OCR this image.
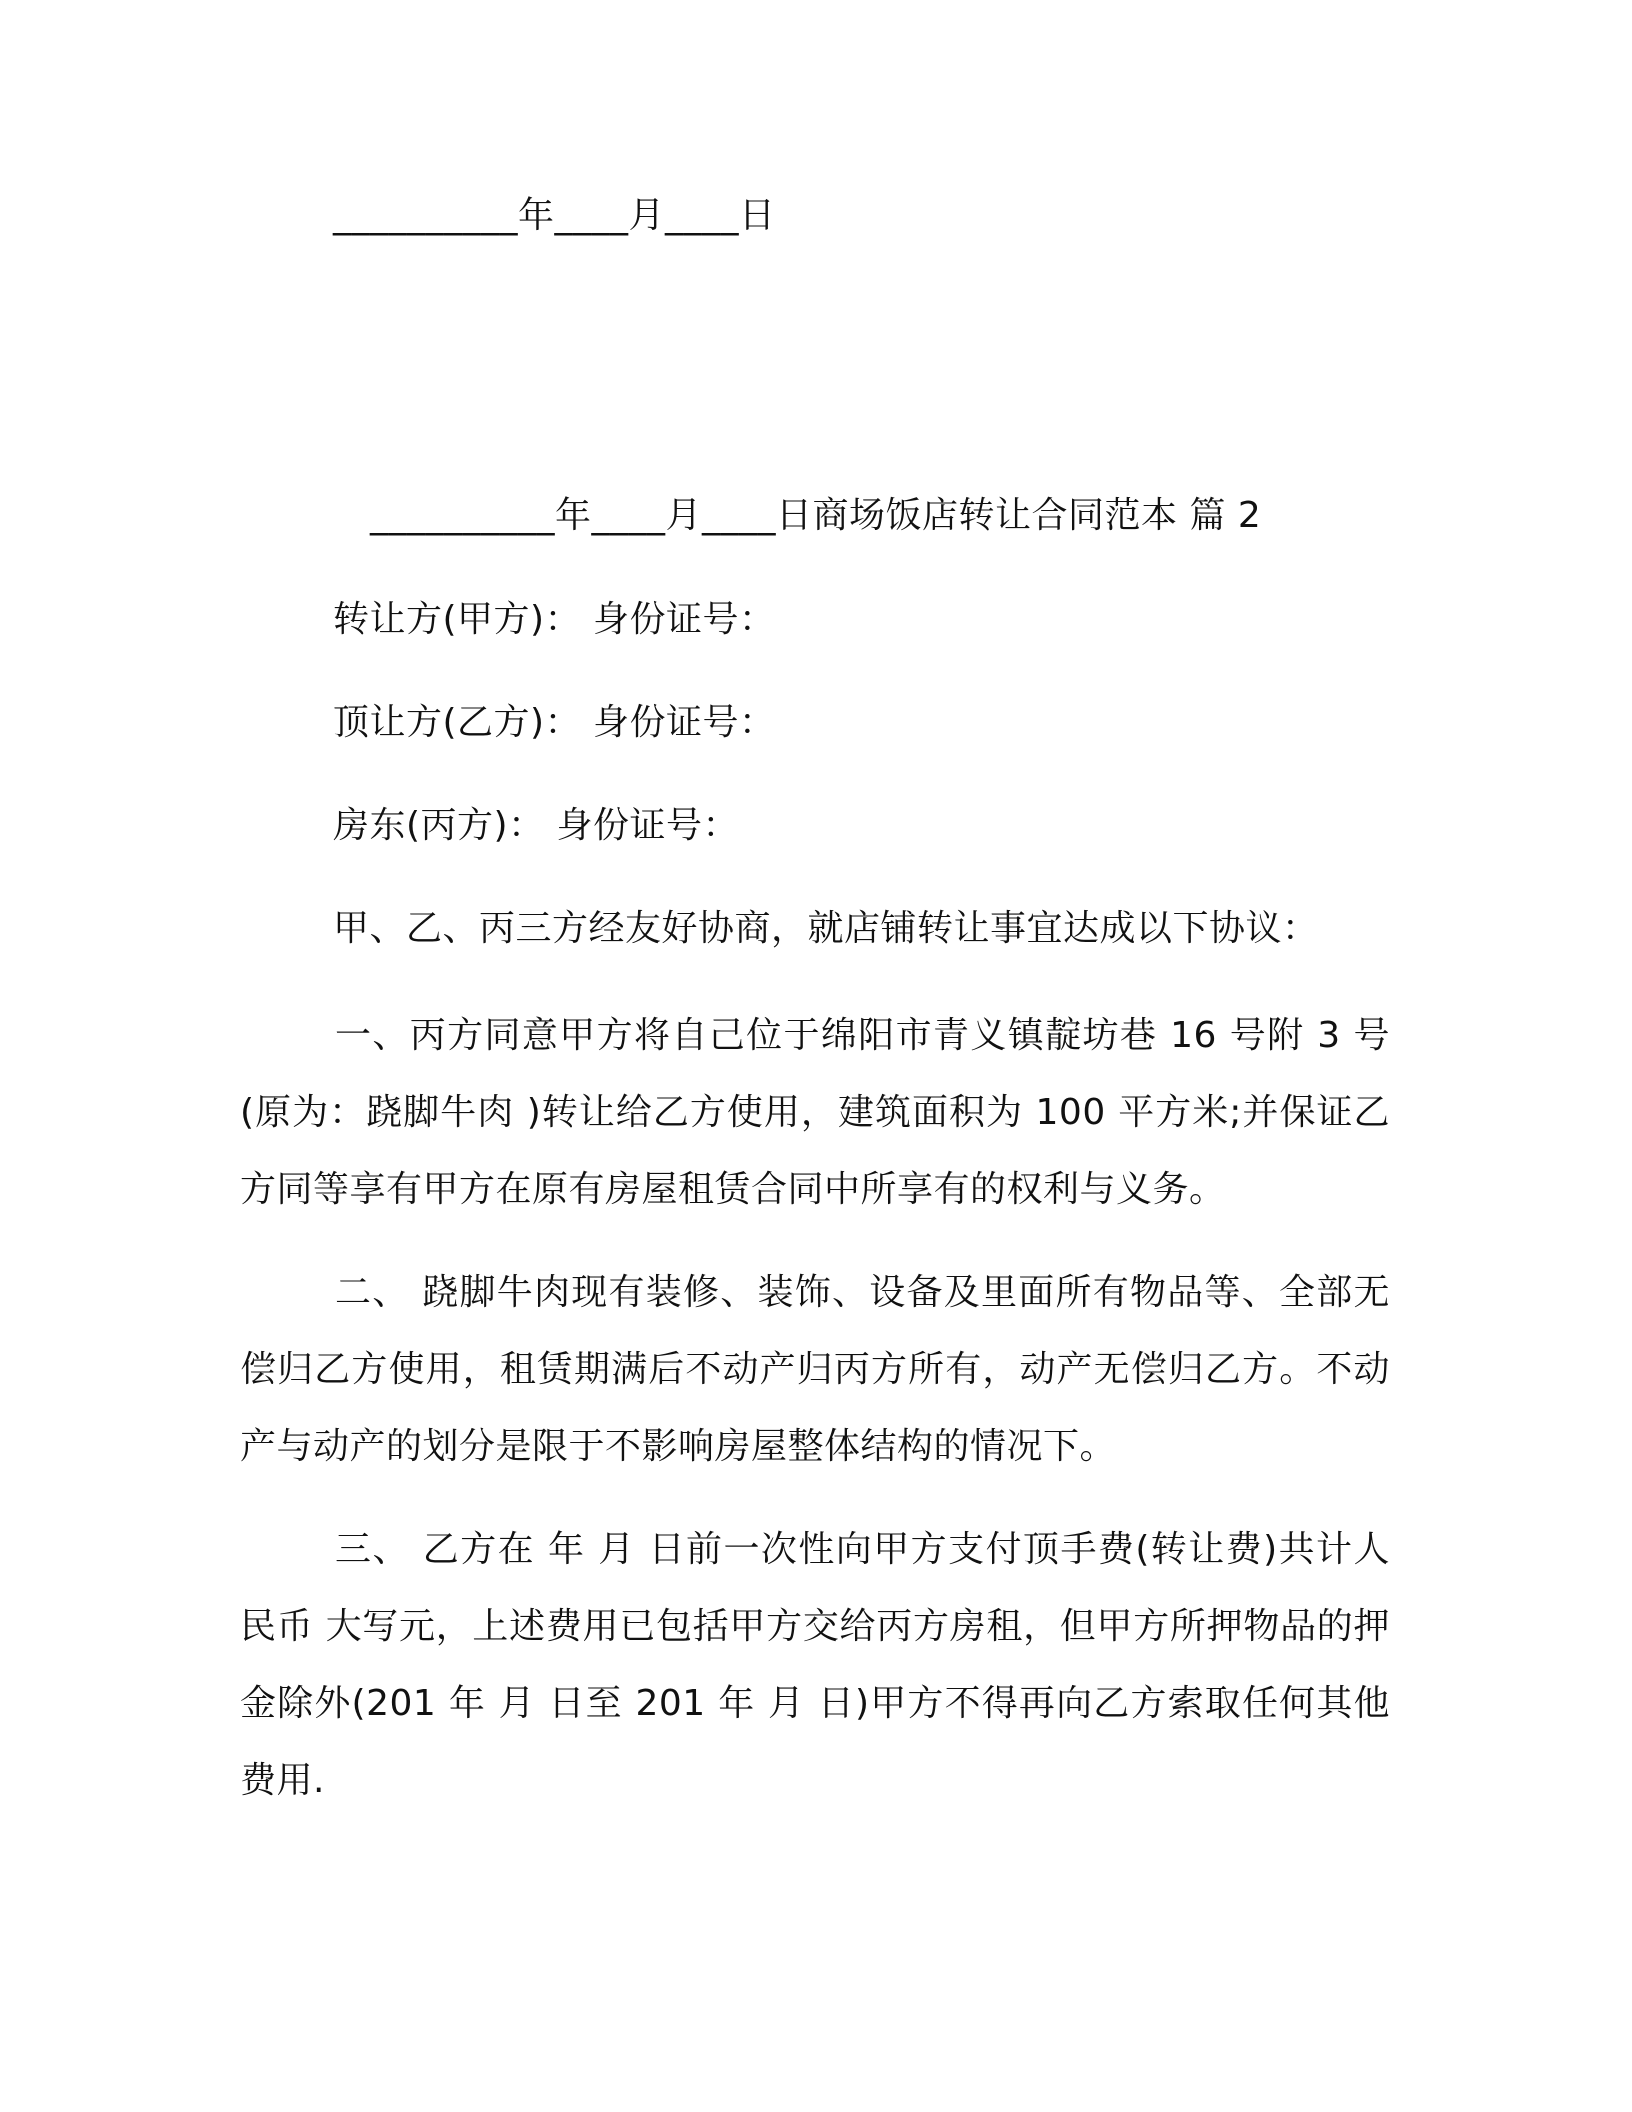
__________年____月____日
__________年____月____日商场饭店转让合同范本 篇 2
转让方(甲方)： 身份证号：
顶让方(乙方)： 身份证号：
房东(丙方)： 身份证号：
甲、乙、丙三方经友好协商，就店铺转让事宜达成以下协议：
一、丙方同意甲方将自己位于绵阳市青义镇靛坊巷 16 号附 3 号(原为：跷脚牛肉 )转让给乙方使用，建筑面积为 100 平方米;并保证乙方同等享有甲方在原有房屋租赁合同中所享有的权利与义务。
二、 跷脚牛肉现有装修、装饰、设备及里面所有物品等、全部无偿归乙方使用，租赁期满后不动产归丙方所有，动产无偿归乙方。不动产与动产的划分是限于不影响房屋整体结构的情况下。
三、 乙方在 年 月 日前一次性向甲方支付顶手费(转让费)共计人民币 大写元，上述费用已包括甲方交给丙方房租，但甲方所押物品的押金除外(201 年 月 日至 201 年 月 日)甲方不得再向乙方索取任何其他费用.
